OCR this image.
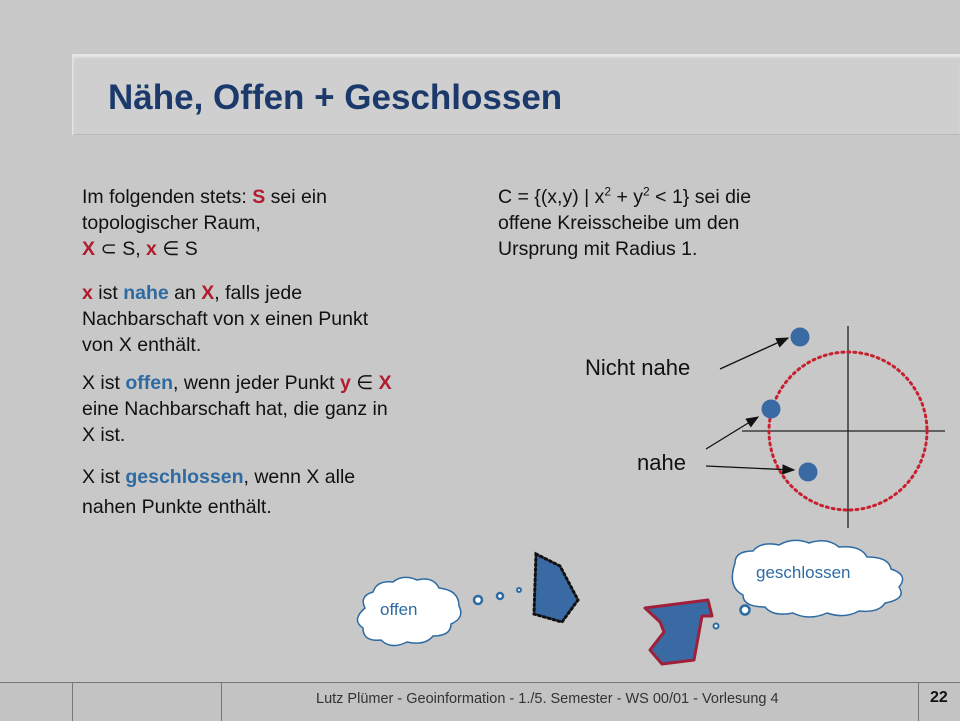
Nähe, Offen + Geschlossen

Im folgenden stets: S sei ein
topologischer Raum,
X ⊂ S, x ∈ S

x ist nahe an X, falls jede
Nachbarschaft von x einen Punkt
von X enthält.

X ist offen, wenn jeder Punkt y ∈ X
eine Nachbarschaft hat, die ganz in
X ist.

X ist geschlossen, wenn X alle
nahen Punkte enthält.

C = {(x,y) | $x^2 + y^2 < 1$} sei die
offene Kreisscheibe um den
Ursprung mit Radius 1.

Nicht nahe
nahe
offen
geschlossen
Lutz Plümer - Geoinformation - 1./5. Semester - WS 00/01 - Vorlesung 4	22
